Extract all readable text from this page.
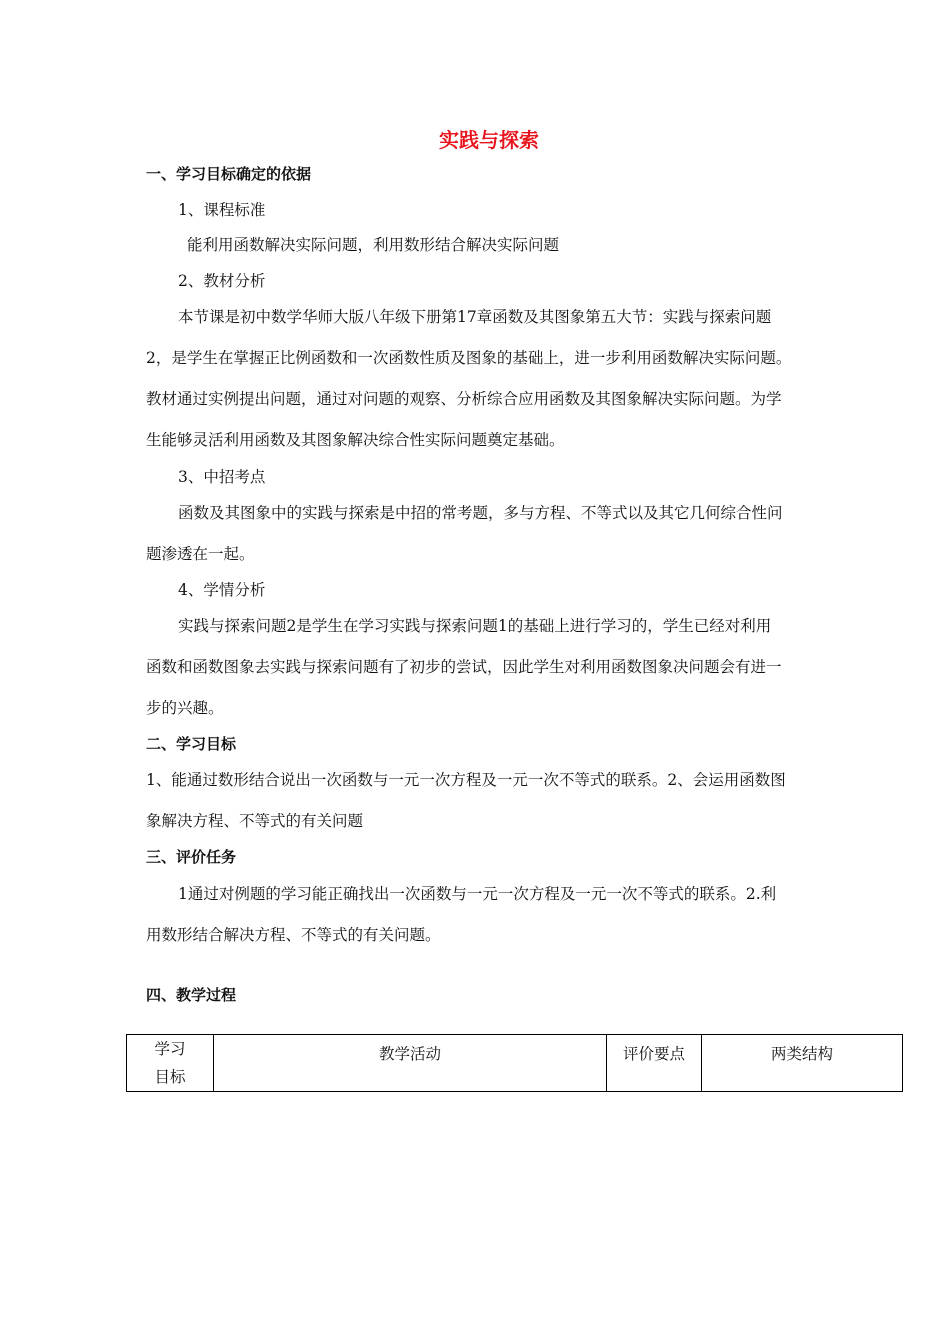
实践与探索
一、学习目标确定的依据
1、课程标准
能利用函数解决实际问题，利用数形结合解决实际问题
2、教材分析
本节课是初中数学华师大版八年级下册第17章函数及其图象第五大节：实践与探索问题
2，是学生在掌握正比例函数和一次函数性质及图象的基础上，进一步利用函数解决实际问题。
教材通过实例提出问题，通过对问题的观察、分析综合应用函数及其图象解决实际问题。为学
生能够灵活利用函数及其图象解决综合性实际问题奠定基础。
3、中招考点
函数及其图象中的实践与探索是中招的常考题，多与方程、不等式以及其它几何综合性问
题渗透在一起。
4、学情分析
实践与探索问题2是学生在学习实践与探索问题1的基础上进行学习的，学生已经对利用
函数和函数图象去实践与探索问题有了初步的尝试，因此学生对利用函数图象决问题会有进一
步的兴趣。
二、学习目标
1、能通过数形结合说出一次函数与一元一次方程及一元一次不等式的联系。2、会运用函数图
象解决方程、不等式的有关问题
三、评价任务
1通过对例题的学习能正确找出一次函数与一元一次方程及一元一次不等式的联系。2.利
用数形结合解决方程、不等式的有关问题。
四、教学过程
学习
目标
	教学活动	评价要点	两类结构
